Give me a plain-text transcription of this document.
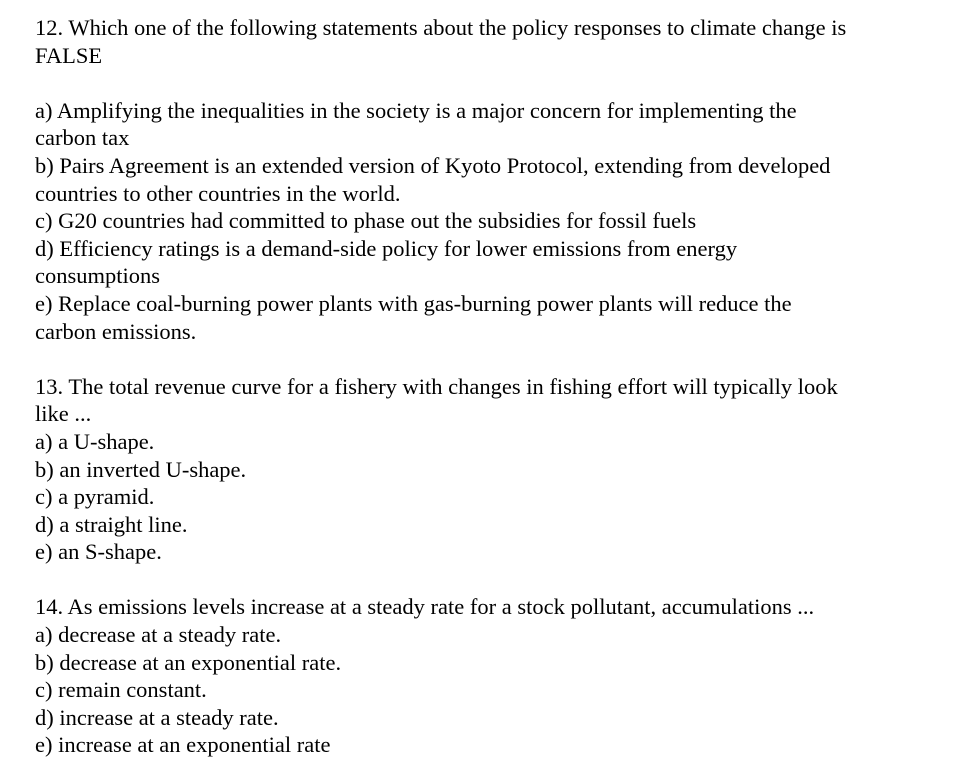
12. Which one of the following statements about the policy responses to climate change is
FALSE
a) Amplifying the inequalities in the society is a major concern for implementing the
carbon tax
b) Pairs Agreement is an extended version of Kyoto Protocol, extending from developed
countries to other countries in the world.
c) G20 countries had committed to phase out the subsidies for fossil fuels
d) Efficiency ratings is a demand-side policy for lower emissions from energy
consumptions
e) Replace coal-burning power plants with gas-burning power plants will reduce the
carbon emissions.
13. The total revenue curve for a fishery with changes in fishing effort will typically look
like ...
a) a U-shape.
b) an inverted U-shape.
c) a pyramid.
d) a straight line.
e) an S-shape.
14. As emissions levels increase at a steady rate for a stock pollutant, accumulations ...
a) decrease at a steady rate.
b) decrease at an exponential rate.
c) remain constant.
d) increase at a steady rate.
e) increase at an exponential rate
